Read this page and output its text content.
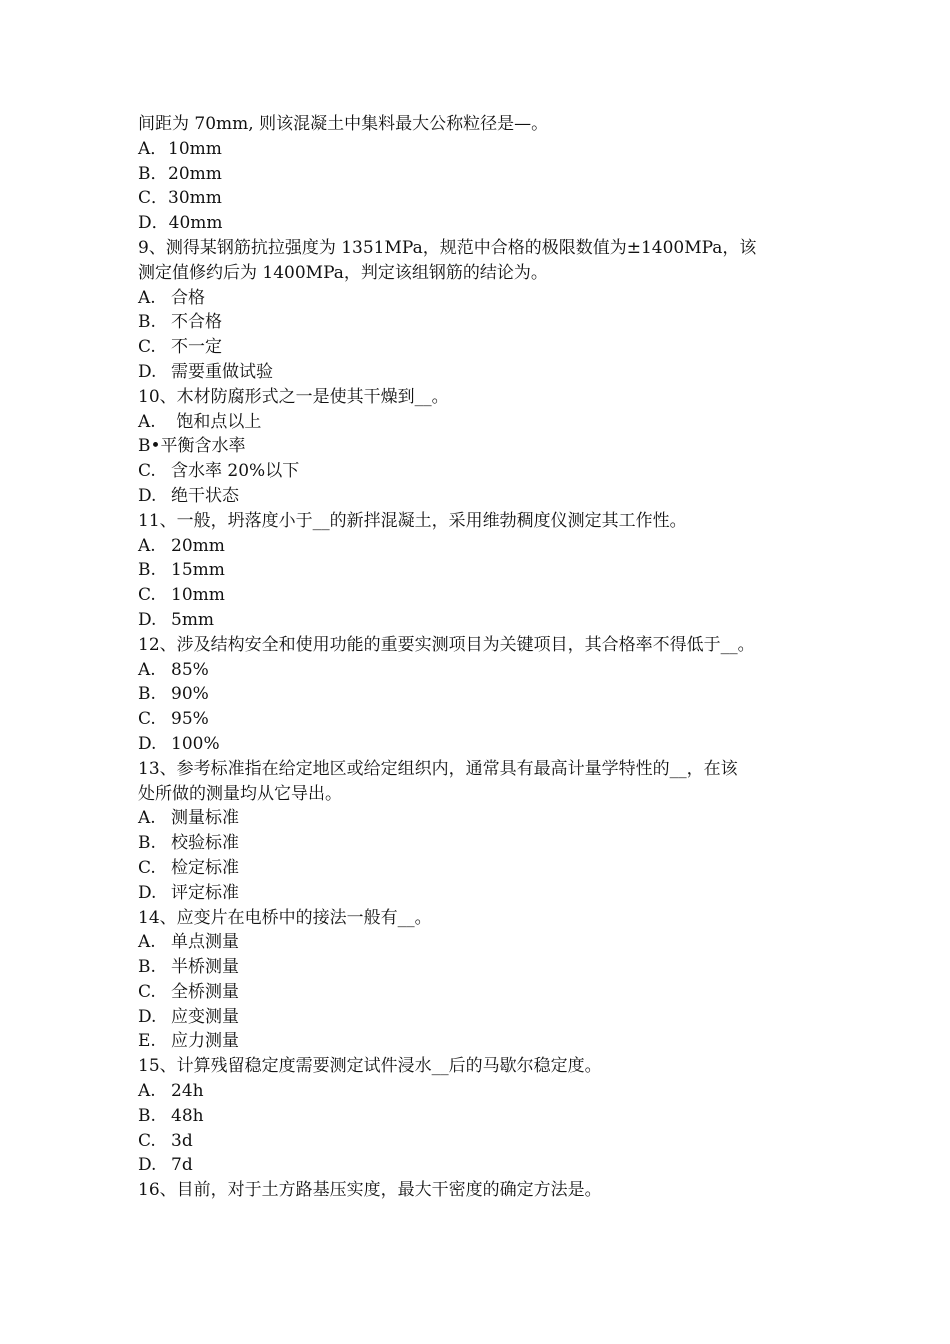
间距为 70mm, 则该混凝土中集料最大公称粒径是—。
A．10mm
B．20mm
C．30mm
D．40mm
9、测得某钢筋抗拉强度为 1351MPa，规范中合格的极限数值为±1400MPa，该
测定值修约后为 1400MPa，判定该组钢筋的结论为。
A. 合格
B. 不合格
C. 不一定
D. 需要重做试验
10、木材防腐形式之一是使其干燥到__。
A. 饱和点以上
B•平衡含水率
C. 含水率 20%以下
D. 绝干状态
11、一般，坍落度小于__的新拌混凝土，采用维勃稠度仪测定其工作性。
A. 20mm
B. 15mm
C. 10mm
D. 5mm
12、涉及结构安全和使用功能的重要实测项目为关键项目，其合格率不得低于__。
A. 85%
B. 90%
C. 95%
D. 100%
13、参考标准指在给定地区或给定组织内，通常具有最高计量学特性的__，在该
处所做的测量均从它导出。
A. 测量标准
B. 校验标准
C. 检定标准
D. 评定标准
14、应变片在电桥中的接法一般有__。
A. 单点测量
B. 半桥测量
C. 全桥测量
D. 应变测量
E. 应力测量
15、计算残留稳定度需要测定试件浸水__后的马歇尔稳定度。
A. 24h
B. 48h
C. 3d
D. 7d
16、目前，对于土方路基压实度，最大干密度的确定方法是。
